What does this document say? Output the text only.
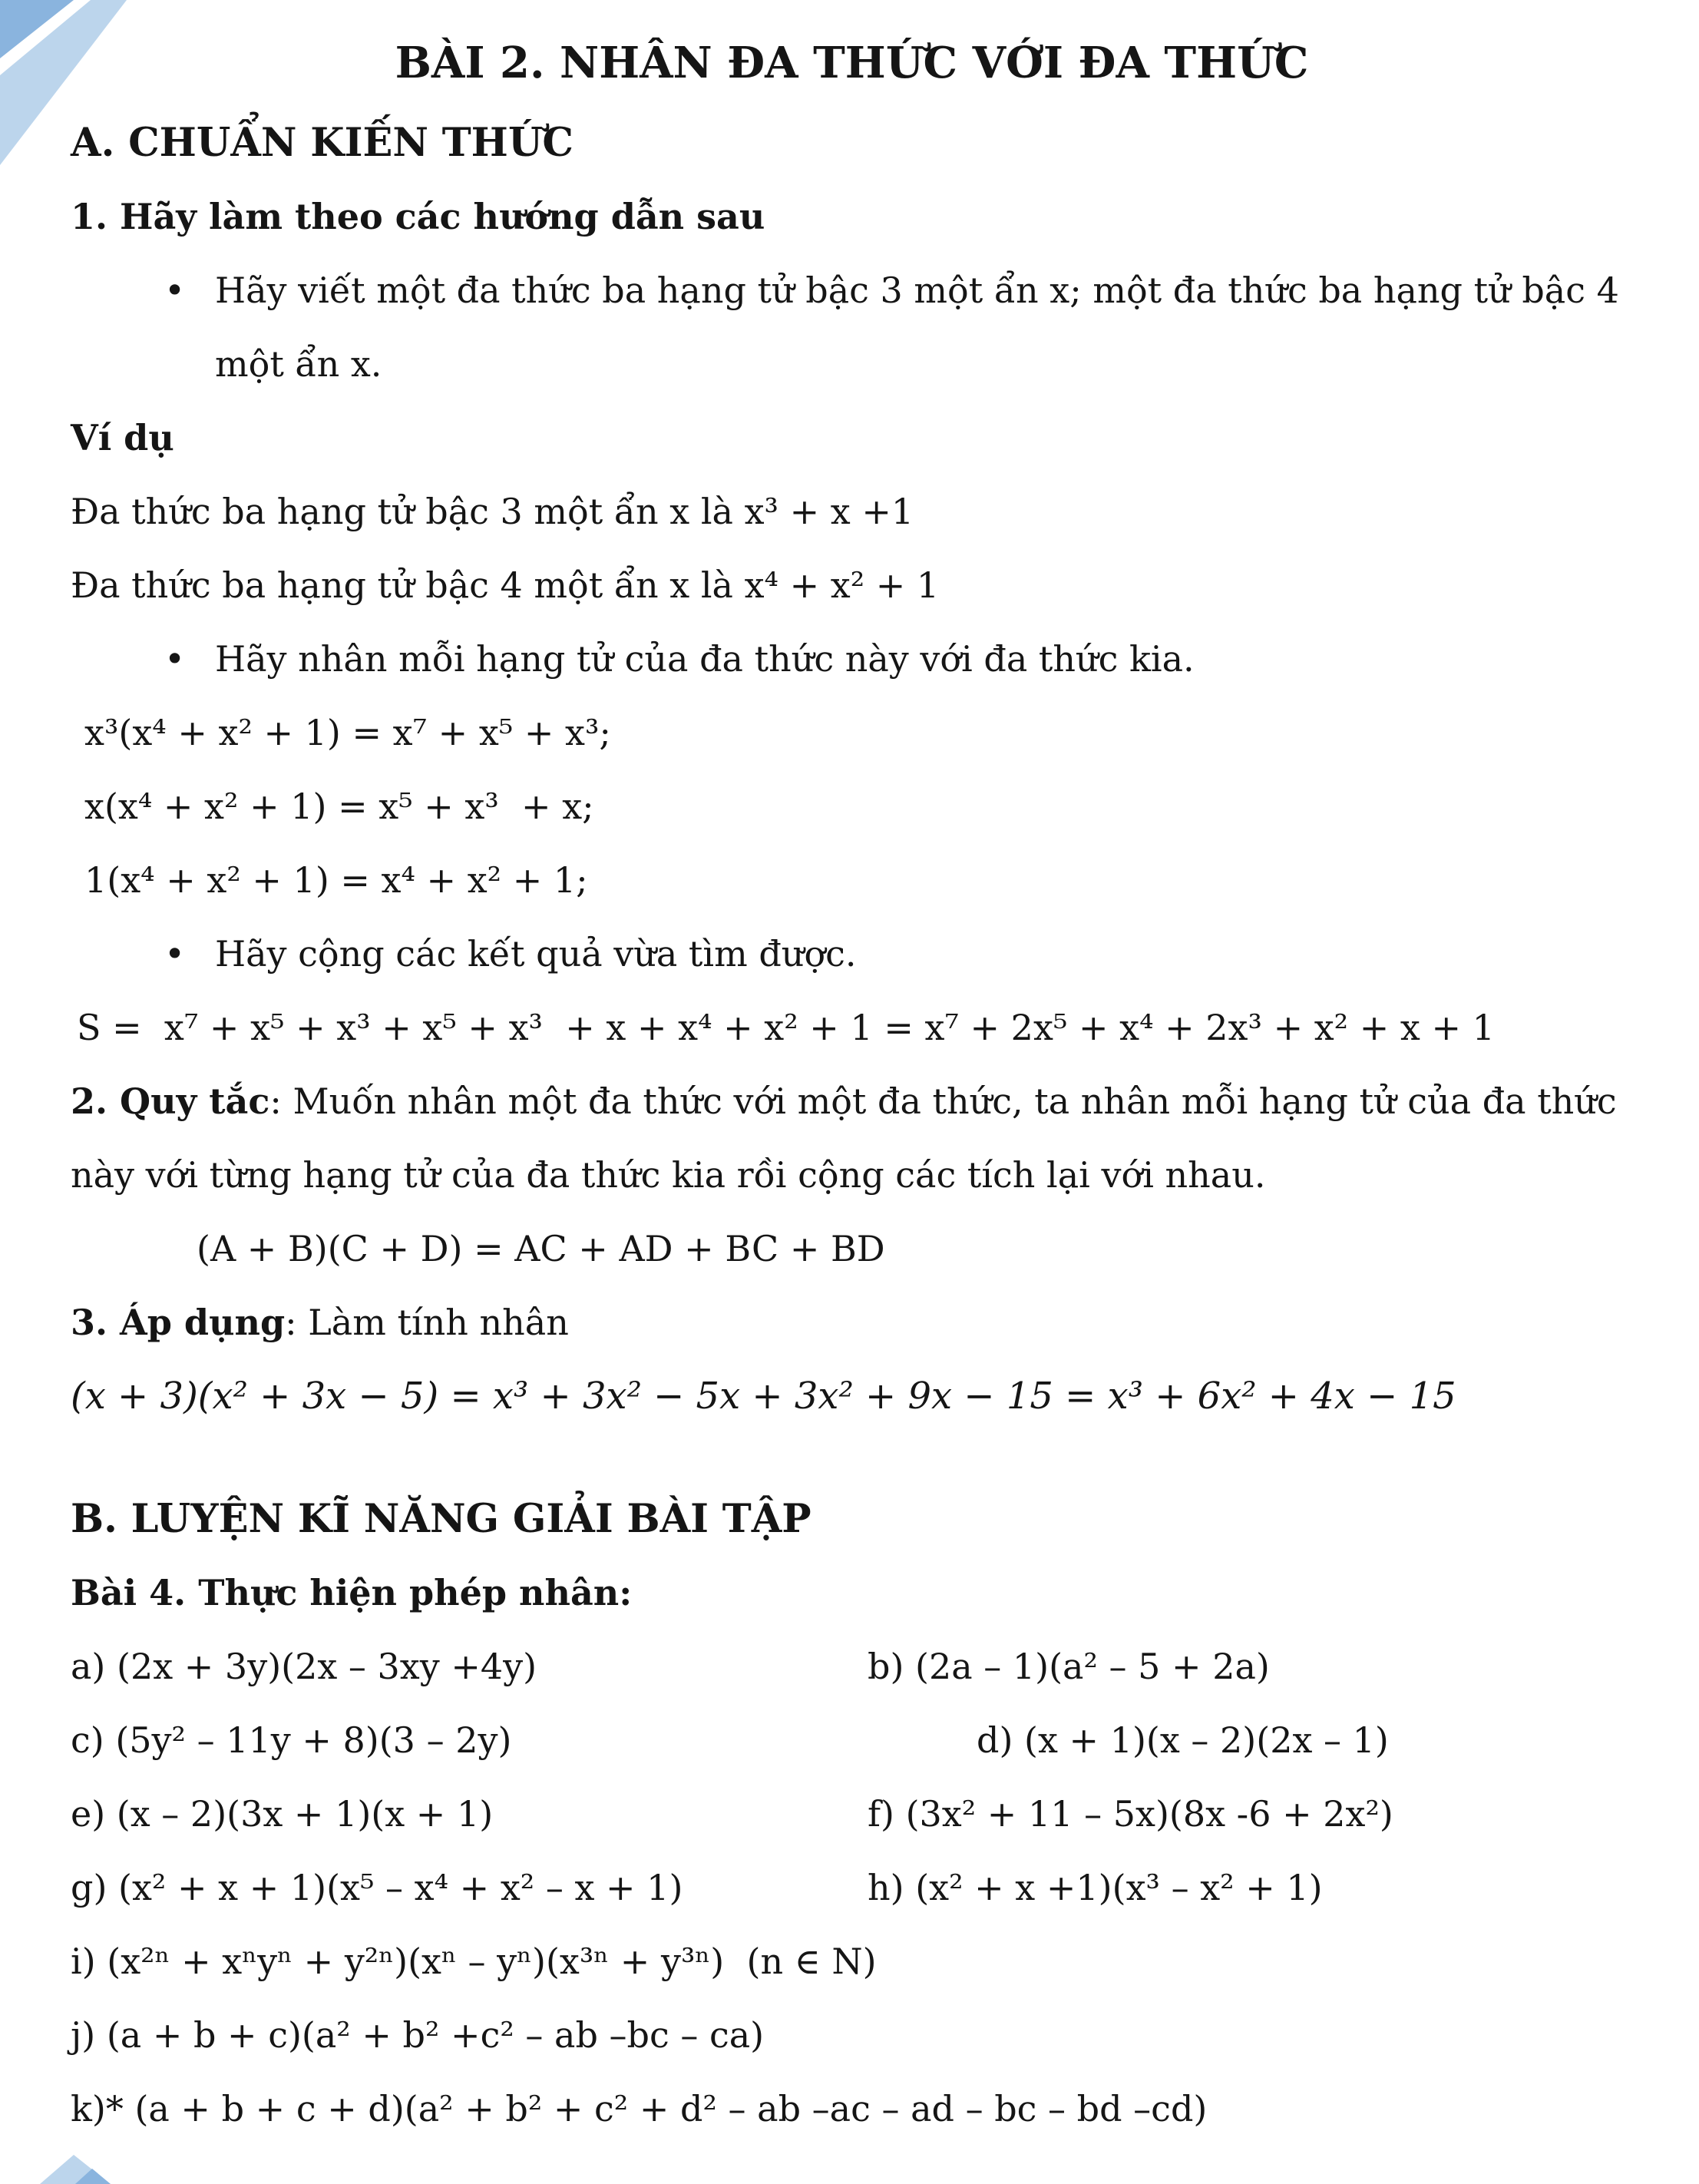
BÀI 2. NHÂN ĐA THỨC VỚI ĐA THỨC
A. CHUẨN KIẾN THỨC

1. Hãy làm theo các hướng dẫn sau

• Hãy viết một đa thức ba hạng tử bậc 3 một ẩn x; một đa thức ba hạng tử bậc 4 một ẩn x.

Ví dụ

Đa thức ba hạng tử bậc 3 một ẩn x là x³ + x +1

Đa thức ba hạng tử bậc 4 một ẩn x là x⁴ + x² + 1

• Hãy nhân mỗi hạng tử của đa thức này với đa thức kia.

x³(x⁴ + x² + 1) = x⁷ + x⁵ + x³;

x(x⁴ + x² + 1) = x⁵ + x³  + x;

1(x⁴ + x² + 1) = x⁴ + x² + 1;

• Hãy cộng các kết quả vừa tìm được.

S =  x⁷ + x⁵ + x³ + x⁵ + x³  + x + x⁴ + x² + 1 = x⁷ + 2x⁵ + x⁴ + 2x³ + x² + x + 1

2. Quy tắc: Muốn nhân một đa thức với một đa thức, ta nhân mỗi hạng tử của đa thức này với từng hạng tử của đa thức kia rồi cộng các tích lại với nhau.

(A + B)(C + D) = AC + AD + BC + BD

3. Áp dụng: Làm tính nhân

(x + 3)(x² + 3x − 5) = x³ + 3x² − 5x + 3x² + 9x − 15 = x³ + 6x² + 4x − 15

B. LUYỆN KĨ NĂNG GIẢI BÀI TẬP

Bài 4. Thực hiện phép nhân:

a) (2x + 3y)(2x – 3xy +4y)	b) (2a – 1)(a² – 5 + 2a)
c) (5y² – 11y + 8)(3 – 2y)	d) (x + 1)(x – 2)(2x – 1)
e) (x – 2)(3x + 1)(x + 1)	f) (3x² + 11 – 5x)(8x -6 + 2x²)
g) (x² + x + 1)(x⁵ – x⁴ + x² – x + 1)	h) (x² + x +1)(x³ – x² + 1)

i) (x²ⁿ + xⁿyⁿ + y²ⁿ)(xⁿ – yⁿ)(x³ⁿ + y³ⁿ)  (n ∈ N)

j) (a + b + c)(a² + b² +c² – ab –bc – ca)

k)* (a + b + c + d)(a² + b² + c² + d² – ab –ac – ad – bc – bd –cd)
